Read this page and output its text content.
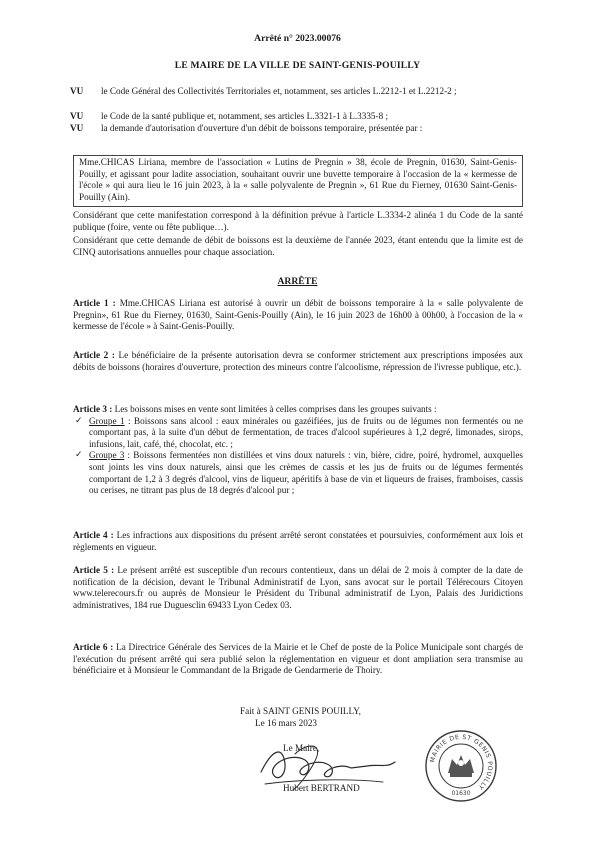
Arrêté n° 2023.00076
LE MAIRE DE LA VILLE DE SAINT-GENIS-POUILLY
VU	le Code Général des Collectivités Territoriales et, notamment, ses articles L.2212-1 et L.2212-2 ;
VU	le Code de la santé publique et, notamment, ses articles L.3321-1 à L.3335-8 ;
VU	la demande d'autorisation d'ouverture d'un débit de boissons temporaire, présentée par :
Mme.CHICAS Liriana, membre de l'association « Lutins de Pregnin » 38, école de Pregnin, 01630, Saint-Genis-Pouilly, et agissant pour ladite association, souhaitant ouvrir une buvette temporaire à l'occasion de la « kermesse de l'école » qui aura lieu le 16 juin 2023, à la « salle polyvalente de Pregnin », 61 Rue du Fierney, 01630 Saint-Genis-Pouilly (Ain).
Considérant que cette manifestation correspond à la définition prévue à l'article L.3334-2 alinéa 1 du Code de la santé publique (foire, vente ou fête publique…).
Considérant que cette demande de débit de boissons est la deuxième de l'année 2023, étant entendu que la limite est de CINQ autorisations annuelles pour chaque association.
ARRÊTE
Article 1 : Mme.CHICAS Liriana est autorisé à ouvrir un débit de boissons temporaire à la « salle polyvalente de Pregnin», 61 Rue du Fierney, 01630, Saint-Genis-Pouilly (Ain), le 16 juin 2023 de 16h00 à 00h00, à l'occasion de la « kermesse de l'école » à Saint-Genis-Pouilly.
Article 2 : Le bénéficiaire de la présente autorisation devra se conformer strictement aux prescriptions imposées aux débits de boissons (horaires d'ouverture, protection des mineurs contre l'alcoolisme, répression de l'ivresse publique, etc.).
Article 3 : Les boissons mises en vente sont limitées à celles comprises dans les groupes suivants :
✓ Groupe 1 : Boissons sans alcool : eaux minérales ou gazéifiées, jus de fruits ou de légumes non fermentés ou ne comportant pas, à la suite d'un début de fermentation, de traces d'alcool supérieures à 1,2 degré, limonades, sirops, infusions, lait, café, thé, chocolat, etc. ;
✓ Groupe 3 : Boissons fermentées non distillées et vins doux naturels : vin, bière, cidre, poiré, hydromel, auxquelles sont joints les vins doux naturels, ainsi que les crèmes de cassis et les jus de fruits ou de légumes fermentés comportant de 1,2 à 3 degrés d'alcool, vins de liqueur, apéritifs à base de vin et liqueurs de fraises, framboises, cassis ou cerises, ne titrant pas plus de 18 degrés d'alcool pur ;
Article 4 : Les infractions aux dispositions du présent arrêté seront constatées et poursuivies, conformément aux lois et règlements en vigueur.
Article 5 : Le présent arrêté est susceptible d'un recours contentieux, dans un délai de 2 mois à compter de la date de notification de la décision, devant le Tribunal Administratif de Lyon, sans avocat sur le portail Télérecours Citoyen www.telerecours.fr ou auprès de Monsieur le Président du Tribunal administratif de Lyon, Palais des Juridictions administratives, 184 rue Duguesclin 69433 Lyon Cedex 03.
Article 6 : La Directrice Générale des Services de la Mairie et le Chef de poste de la Police Municipale sont chargés de l'exécution du présent arrêté qui sera publié selon la réglementation en vigueur et dont ampliation sera transmise au bénéficiaire et à Monsieur le Commandant de la Brigade de Gendarmerie de Thoiry.
Fait à SAINT GENIS POUILLY,
Le 16 mars 2023
Le Maire,
Hubert BERTRAND
MAIRIE DE ST GENIS POUILLY
01630
